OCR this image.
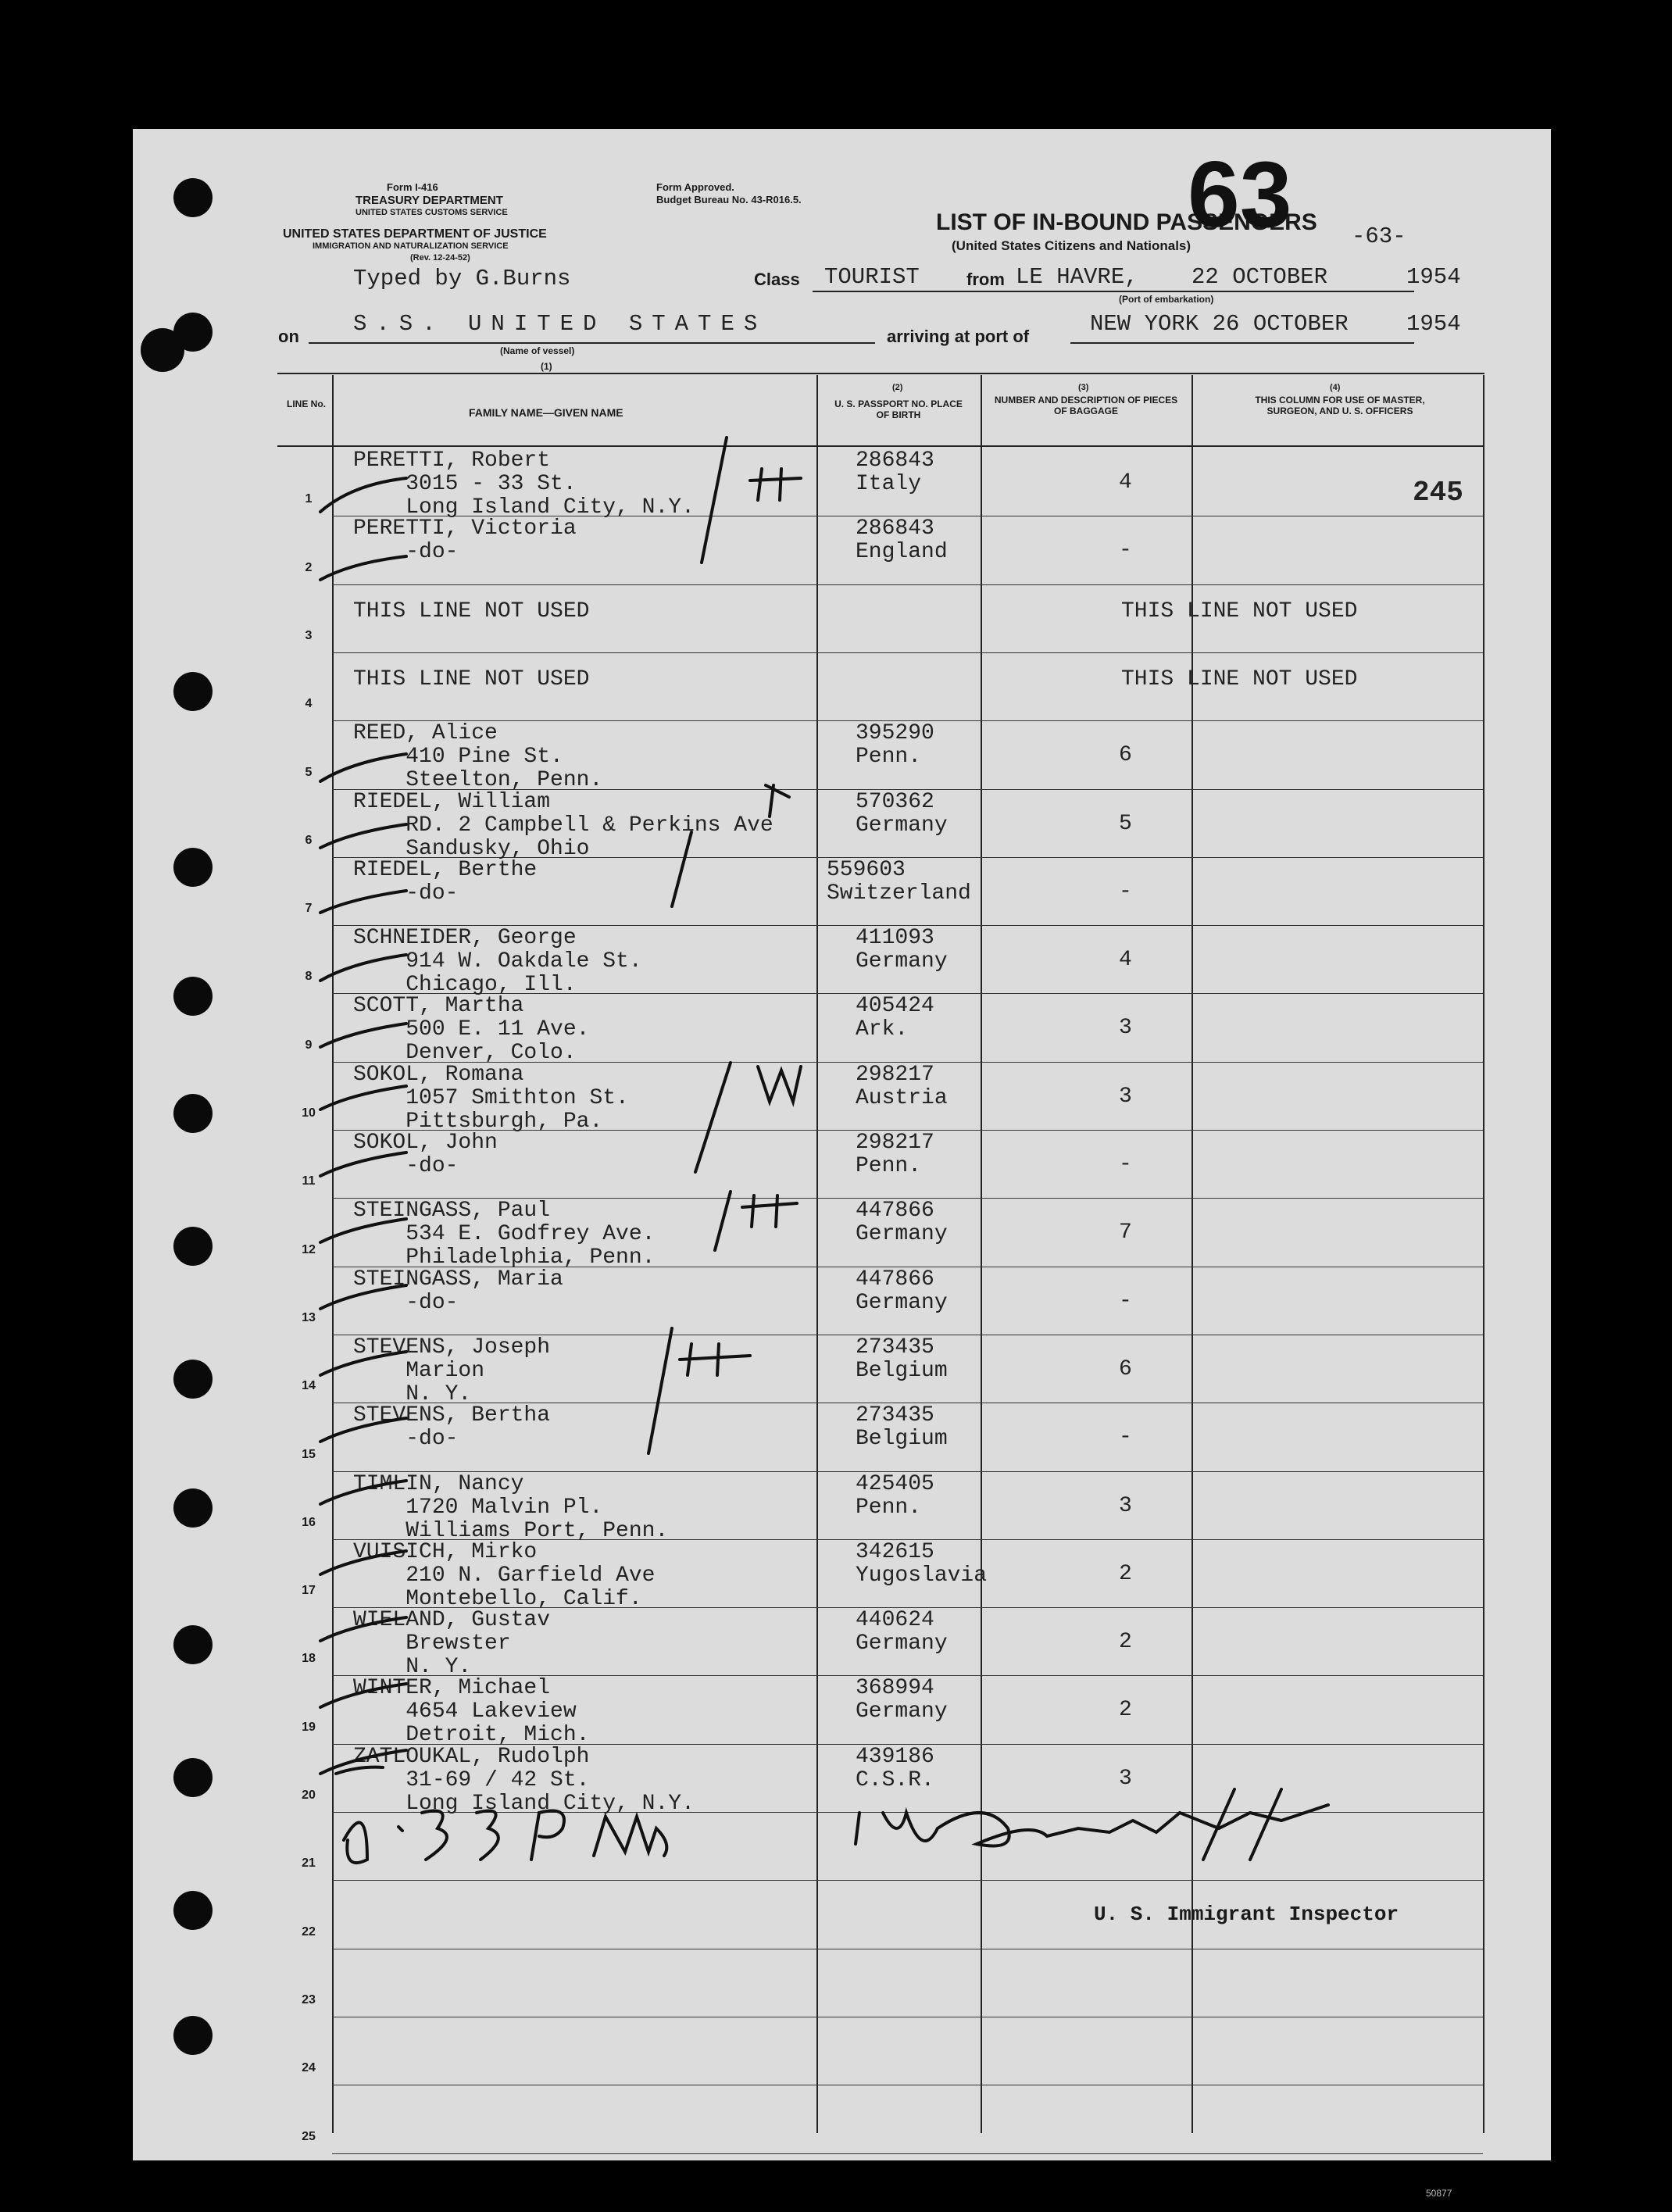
Form I-416
TREASURY DEPARTMENT
UNITED STATES CUSTOMS SERVICE
UNITED STATES DEPARTMENT OF JUSTICE
IMMIGRATION AND NATURALIZATION SERVICE
(Rev. 12-24-52)
Form Approved.
Budget Bureau No. 43-R016.5.
LIST OF IN-BOUND PASSENGERS
(United States Citizens and Nationals)	-63-
63
Typed by G.Burns	Class TOURIST	from LE HAVRE, 22 OCTOBER	1954
(Port of embarkation)
on S.S. UNITED STATES
(Name of vessel)
(1)
arriving at port of	NEW YORK 26 OCTOBER	1954
LINE No.
FAMILY NAME—GIVEN NAME
U. S. PASSPORT NO. PLACE OF BIRTH
(2)
NUMBER AND DESCRIPTION OF PIECES OF BAGGAGE
(3)
THIS COLUMN FOR USE OF MASTER, SURGEON, AND U. S. OFFICERS
(4)
245
1
PERETTI, Robert
3015 - 33 St.
Long Island City, N.Y.
286843
Italy	4
2
PERETTI, Victoria
-do-
286843
England	-
3
THIS LINE NOT USED	THIS LINE NOT USED
4
THIS LINE NOT USED	THIS LINE NOT USED
5
REED, Alice
410 Pine St.
Steelton, Penn.
395290
Penn.	6
6
RIEDEL, William
RD. 2 Campbell & Perkins Ave
Sandusky, Ohio
570362
Germany	5
7
RIEDEL, Berthe
-do-
559603
Switzerland	-
8
SCHNEIDER, George
914 W. Oakdale St.
Chicago, Ill.
411093
Germany	4
9
SCOTT, Martha
500 E. 11 Ave.
Denver, Colo.
405424
Ark.	3
10
SOKOL, Romana
1057 Smithton St.
Pittsburgh, Pa.
298217
Austria	3
11
SOKOL, John
-do-
298217
Penn.	-
12
STEINGASS, Paul
534 E. Godfrey Ave.
Philadelphia, Penn.
447866
Germany	7
13
STEINGASS, Maria
-do-
447866
Germany	-
14
STEVENS, Joseph
Marion
N. Y.
273435
Belgium	6
15
STEVENS, Bertha
-do-
273435
Belgium	-
16
TIMLIN, Nancy
1720 Malvin Pl.
Williams Port, Penn.
425405
Penn.	3
17
VUISICH, Mirko
210 N. Garfield Ave
Montebello, Calif.
342615
Yugoslavia	2
18
WIELAND, Gustav
Brewster
N. Y.
440624
Germany	2
19
WINTER, Michael
4654 Lakeview
Detroit, Mich.
368994
Germany	2
20
ZATLOUKAL, Rudolph
31-69 / 42 St.
Long Island City, N.Y.
439186
C.S.R.	3
21
22
23
24
25
U. S. Immigrant Inspector
50877
